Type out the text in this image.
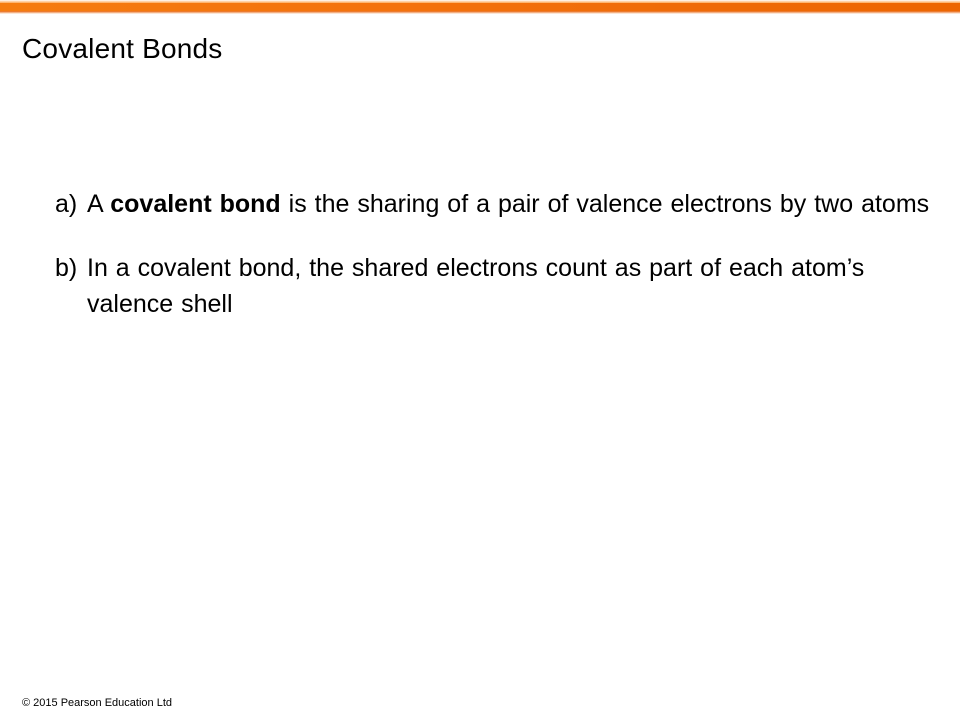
Covalent Bonds
a) A covalent bond is the sharing of a pair of valence electrons by two atoms
b) In a covalent bond, the shared electrons count as part of each atom’s valence shell
© 2015 Pearson Education Ltd
